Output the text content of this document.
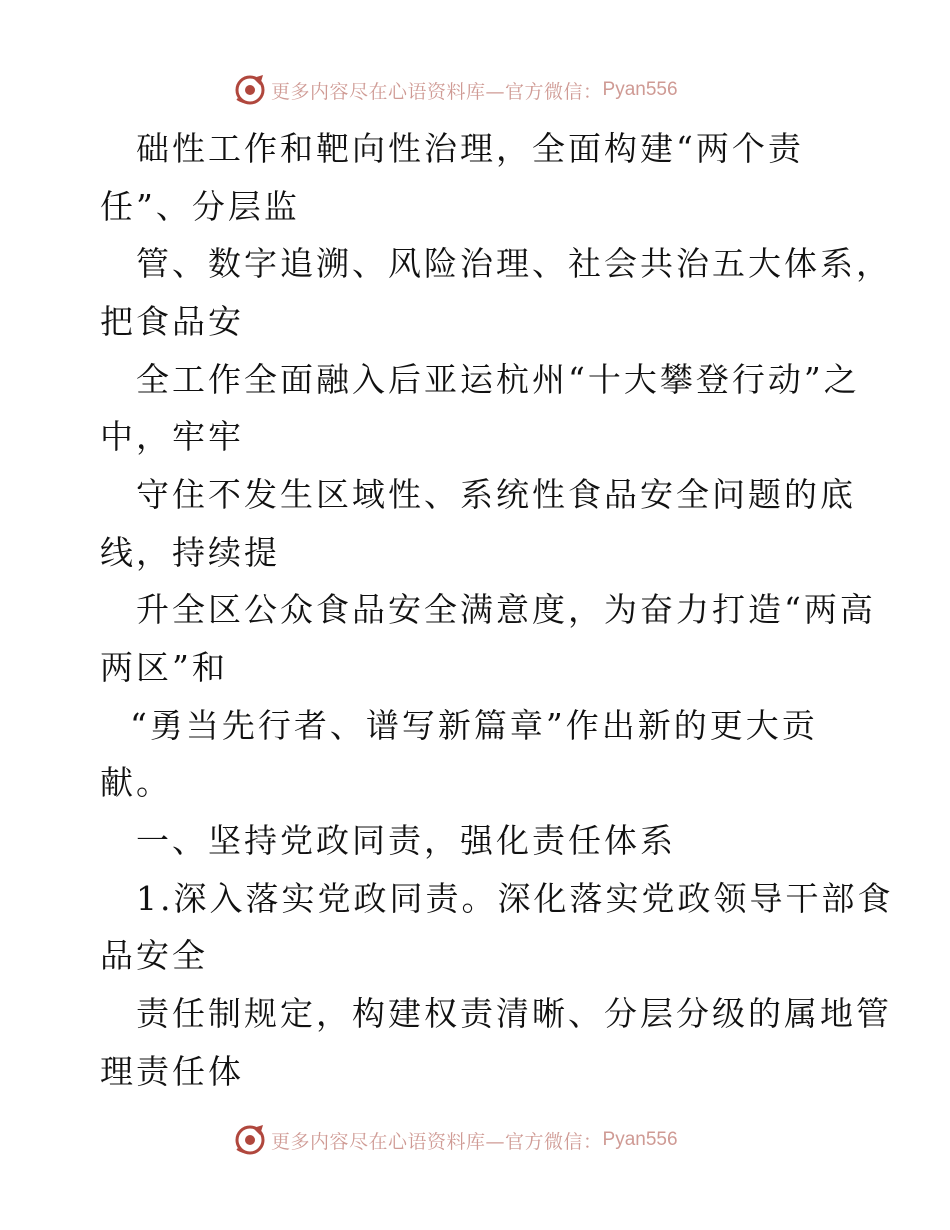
更多内容尽在心语资料库—官方微信： Pyan556
础性工作和靶向性治理，全面构建“两个责
任”、分层监
管、数字追溯、风险治理、社会共治五大体系，
把食品安
全工作全面融入后亚运杭州“十大攀登行动”之
中，牢牢
守住不发生区域性、系统性食品安全问题的底
线，持续提
升全区公众食品安全满意度，为奋力打造“两高
两区”和
“勇当先行者、谱写新篇章”作出新的更大贡
献。
一、坚持党政同责，强化责任体系
1.深入落实党政同责。深化落实党政领导干部食
品安全
责任制规定，构建权责清晰、分层分级的属地管
理责任体
更多内容尽在心语资料库—官方微信： Pyan556
